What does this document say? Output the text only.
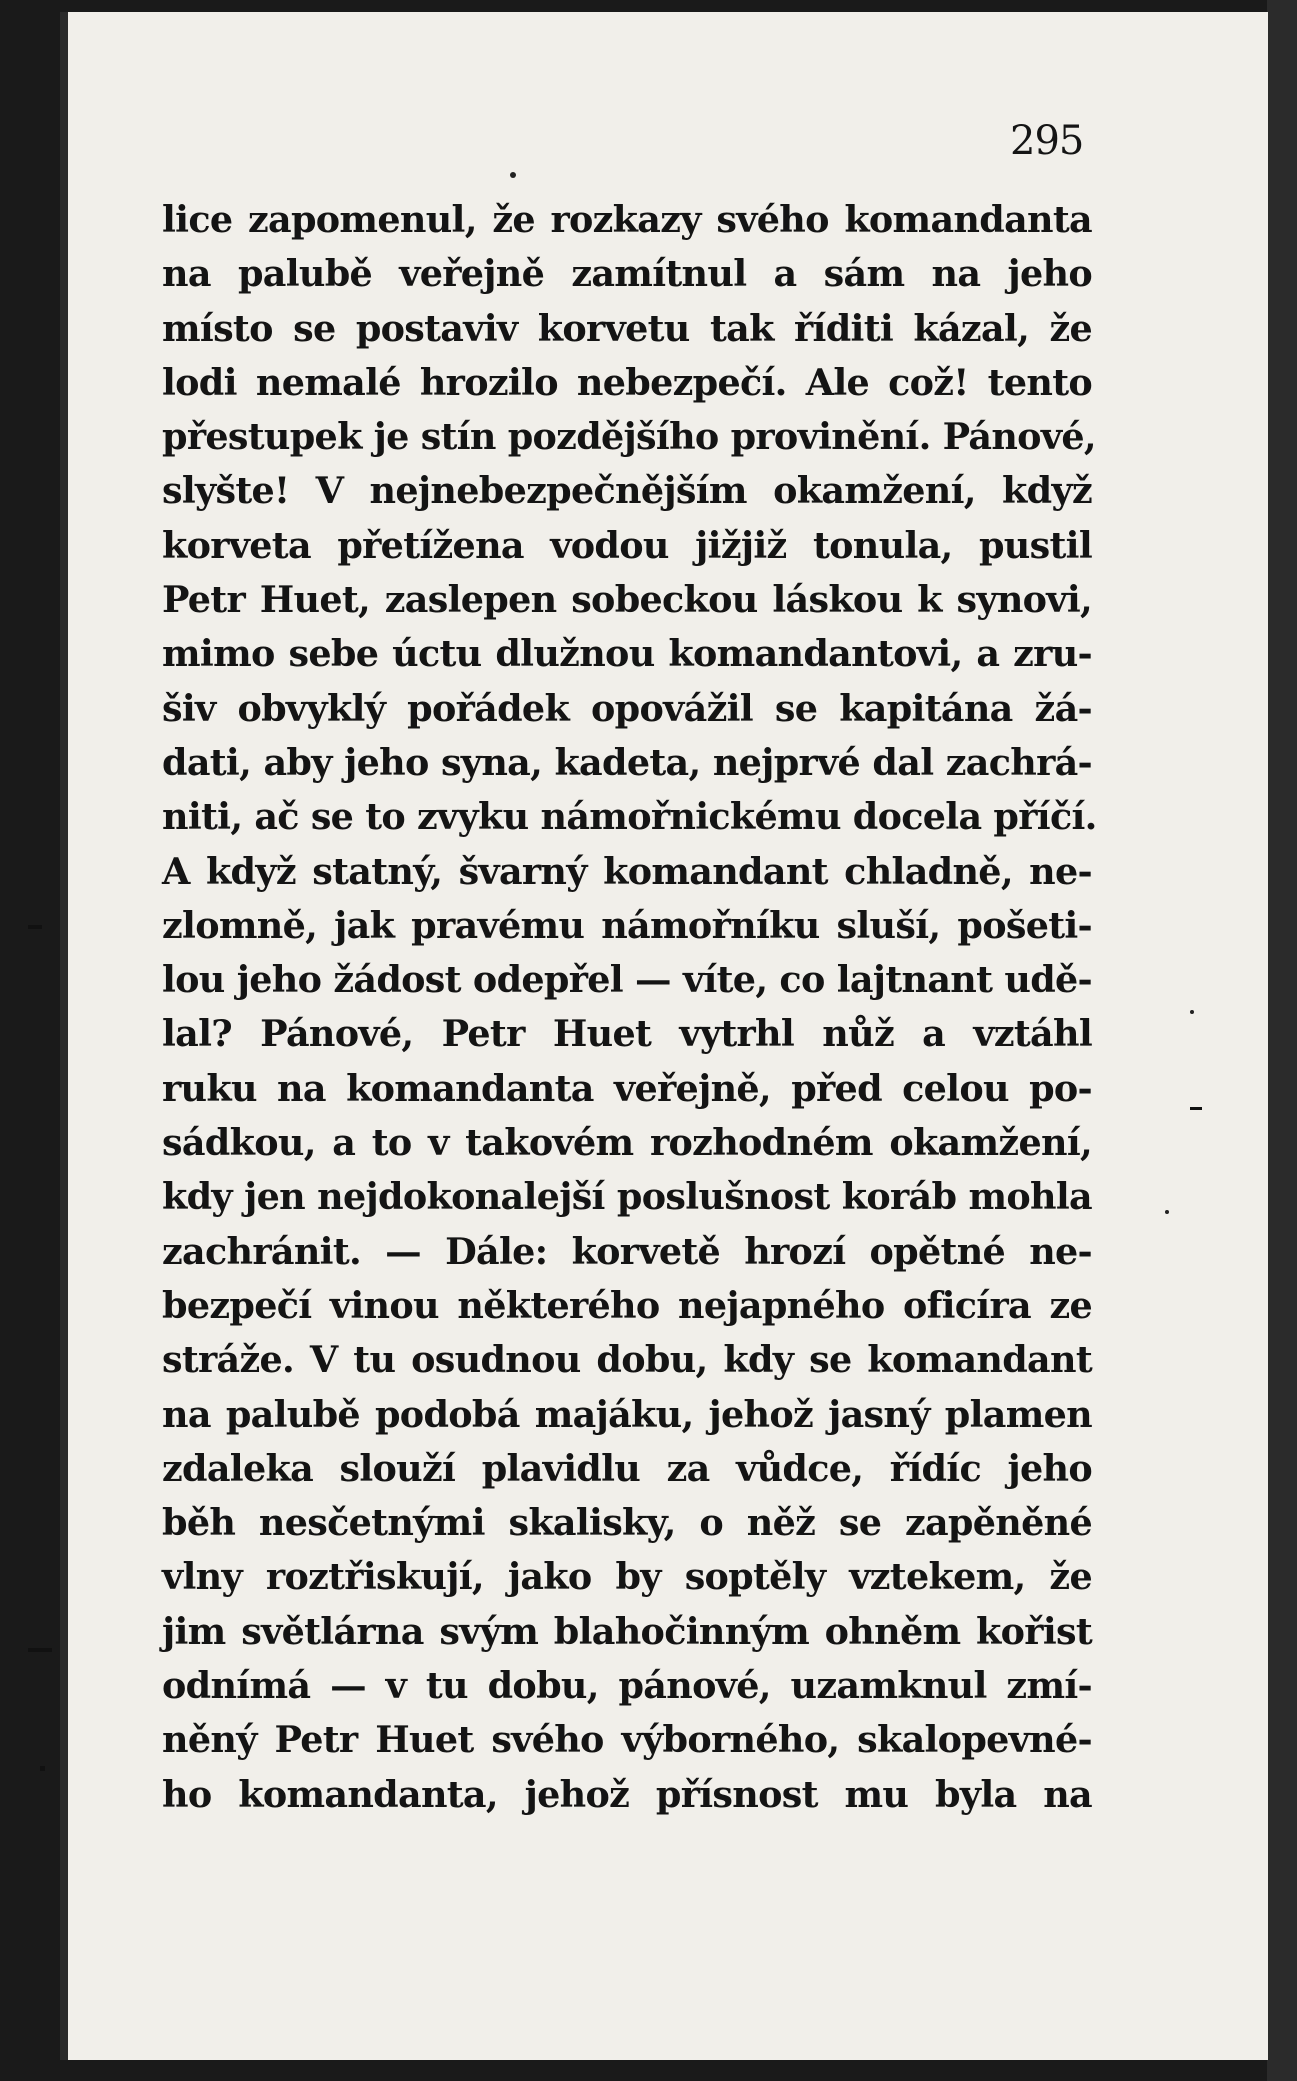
295
lice zapomenul, že rozkazy svého komandanta
na palubě veřejně zamítnul a sám na jeho
místo se postaviv korvetu tak říditi kázal, že
lodi nemalé hrozilo nebezpečí. Ale což! tento
přestupek je stín pozdějšího provinění. Pánové,
slyšte! V nejnebezpečnějším okamžení, když
korveta přetížena vodou jižjiž tonula, pustil
Petr Huet, zaslepen sobeckou láskou k synovi,
mimo sebe úctu dlužnou komandantovi, a zru-
šiv obvyklý pořádek opovážil se kapitána žá-
dati, aby jeho syna, kadeta, nejprvé dal zachrá-
niti, ač se to zvyku námořnickému docela příčí.
A když statný, švarný komandant chladně, ne-
zlomně, jak pravému námořníku sluší, pošeti-
lou jeho žádost odepřel — víte, co lajtnant udě-
lal? Pánové, Petr Huet vytrhl nůž a vztáhl
ruku na komandanta veřejně, před celou po-
sádkou, a to v takovém rozhodném okamžení,
kdy jen nejdokonalejší poslušnost koráb mohla
zachránit. — Dále: korvetě hrozí opětné ne-
bezpečí vinou některého nejapného oficíra ze
stráže. V tu osudnou dobu, kdy se komandant
na palubě podobá majáku, jehož jasný plamen
zdaleka slouží plavidlu za vůdce, řídíc jeho
běh nesčetnými skalisky, o něž se zapěněné
vlny roztřiskují, jako by soptěly vztekem, že
jim světlárna svým blahočinným ohněm kořist
odnímá — v tu dobu, pánové, uzamknul zmí-
něný Petr Huet svého výborného, skalopevné-
ho komandanta, jehož přísnost mu byla na
